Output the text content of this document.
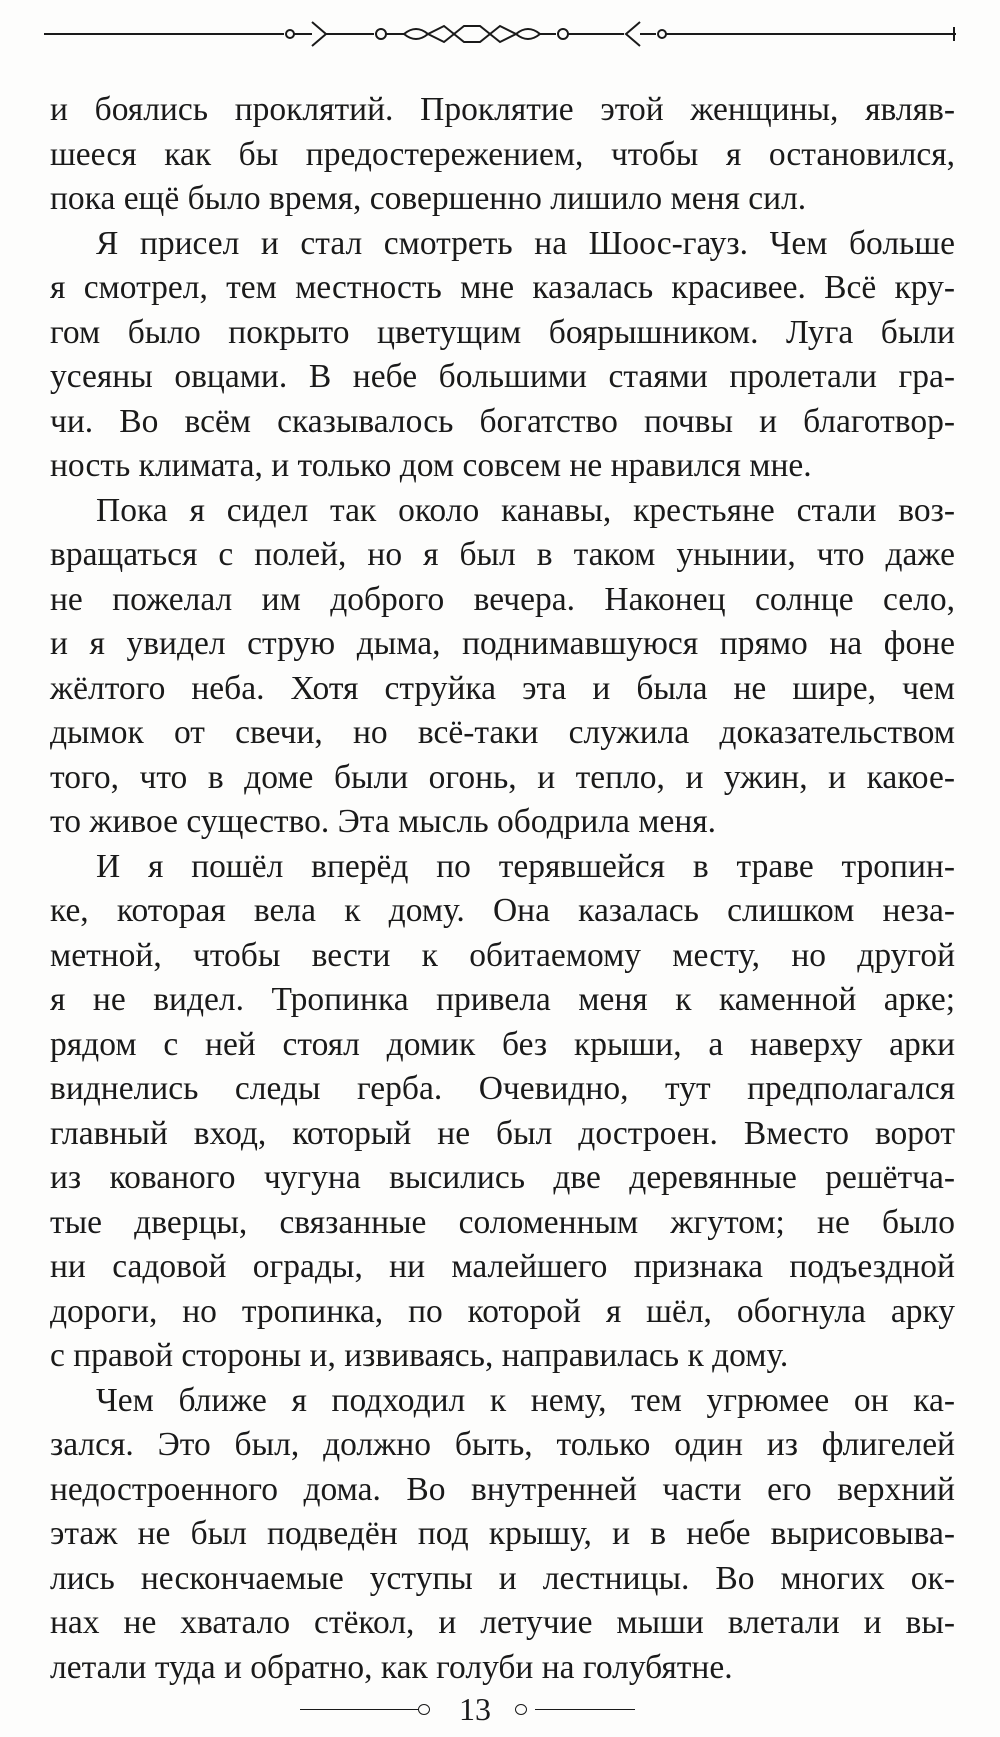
и боялись проклятий. Проклятие этой женщины, являв-
шееся как бы предостережением, чтобы я остановился,
пока ещё было время, совершенно лишило меня сил.
Я присел и стал смотреть на Шоос-гауз. Чем больше
я смотрел, тем местность мне казалась красивее. Всё кру-
гом было покрыто цветущим боярышником. Луга были
усеяны овцами. В небе большими стаями пролетали гра-
чи. Во всём сказывалось богатство почвы и благотвор-
ность климата, и только дом совсем не нравился мне.
Пока я сидел так около канавы, крестьяне стали воз-
вращаться с полей, но я был в таком унынии, что даже
не пожелал им доброго вечера. Наконец солнце село,
и я увидел струю дыма, поднимавшуюся прямо на фоне
жёлтого неба. Хотя струйка эта и была не шире, чем
дымок от свечи, но всё-таки служила доказательством
того, что в доме были огонь, и тепло, и ужин, и какое-
то живое существо. Эта мысль ободрила меня.
И я пошёл вперёд по терявшейся в траве тропин-
ке, которая вела к дому. Она казалась слишком неза-
метной, чтобы вести к обитаемому месту, но другой
я не видел. Тропинка привела меня к каменной арке;
рядом с ней стоял домик без крыши, а наверху арки
виднелись следы герба. Очевидно, тут предполагался
главный вход, который не был достроен. Вместо ворот
из кованого чугуна высились две деревянные решётча-
тые дверцы, связанные соломенным жгутом; не было
ни садовой ограды, ни малейшего признака подъездной
дороги, но тропинка, по которой я шёл, обогнула арку
с правой стороны и, извиваясь, направилась к дому.
Чем ближе я подходил к нему, тем угрюмее он ка-
зался. Это был, должно быть, только один из флигелей
недостроенного дома. Во внутренней части его верхний
этаж не был подведён под крышу, и в небе вырисовыва-
лись нескончаемые уступы и лестницы. Во многих ок-
нах не хватало стёкол, и летучие мыши влетали и вы-
летали туда и обратно, как голуби на голубятне.
13
